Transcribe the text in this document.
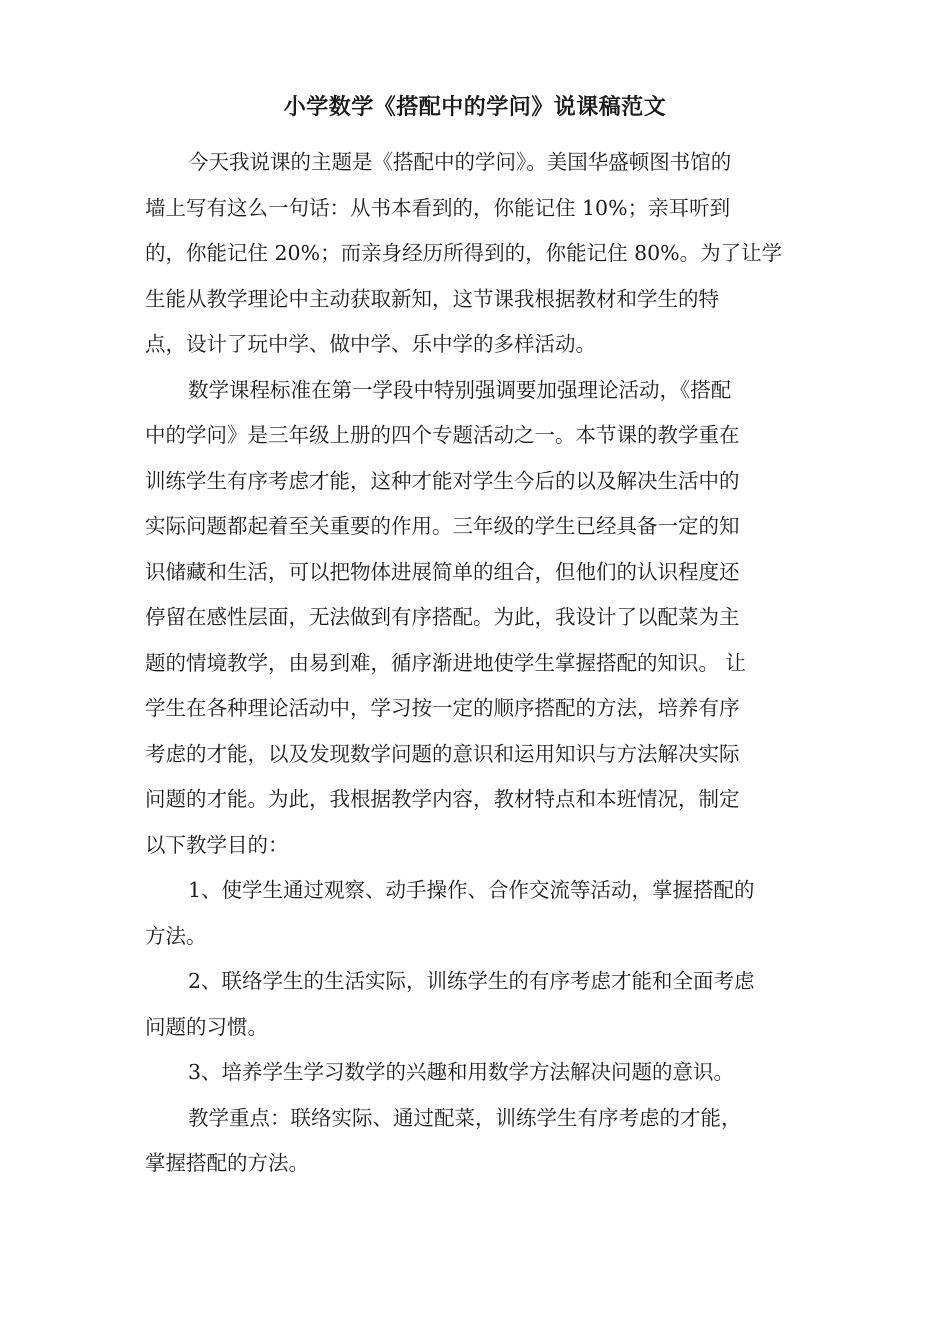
小学数学《搭配中的学问》说课稿范文
今天我说课的主题是《搭配中的学问》。美国华盛顿图书馆的
墙上写有这么一句话：从书本看到的，你能记住 10%；亲耳听到
的，你能记住 20%；而亲身经历所得到的，你能记住 80%。为了让学
生能从教学理论中主动获取新知，这节课我根据教材和学生的特
点，设计了玩中学、做中学、乐中学的多样活动。
数学课程标准在第一学段中特别强调要加强理论活动，《搭配
中的学问》是三年级上册的四个专题活动之一。本节课的教学重在
训练学生有序考虑才能，这种才能对学生今后的以及解决生活中的
实际问题都起着至关重要的作用。三年级的学生已经具备一定的知
识储藏和生活，可以把物体进展简单的组合，但他们的认识程度还
停留在感性层面，无法做到有序搭配。为此，我设计了以配菜为主
题的情境教学，由易到难，循序渐进地使学生掌握搭配的知识。 让
学生在各种理论活动中，学习按一定的顺序搭配的方法，培养有序
考虑的才能，以及发现数学问题的意识和运用知识与方法解决实际
问题的才能。为此，我根据教学内容，教材特点和本班情况，制定
以下教学目的：
1、使学生通过观察、动手操作、合作交流等活动，掌握搭配的
方法。
2、联络学生的生活实际，训练学生的有序考虑才能和全面考虑
问题的习惯。
3、培养学生学习数学的兴趣和用数学方法解决问题的意识。
教学重点：联络实际、通过配菜，训练学生有序考虑的才能，
掌握搭配的方法。
